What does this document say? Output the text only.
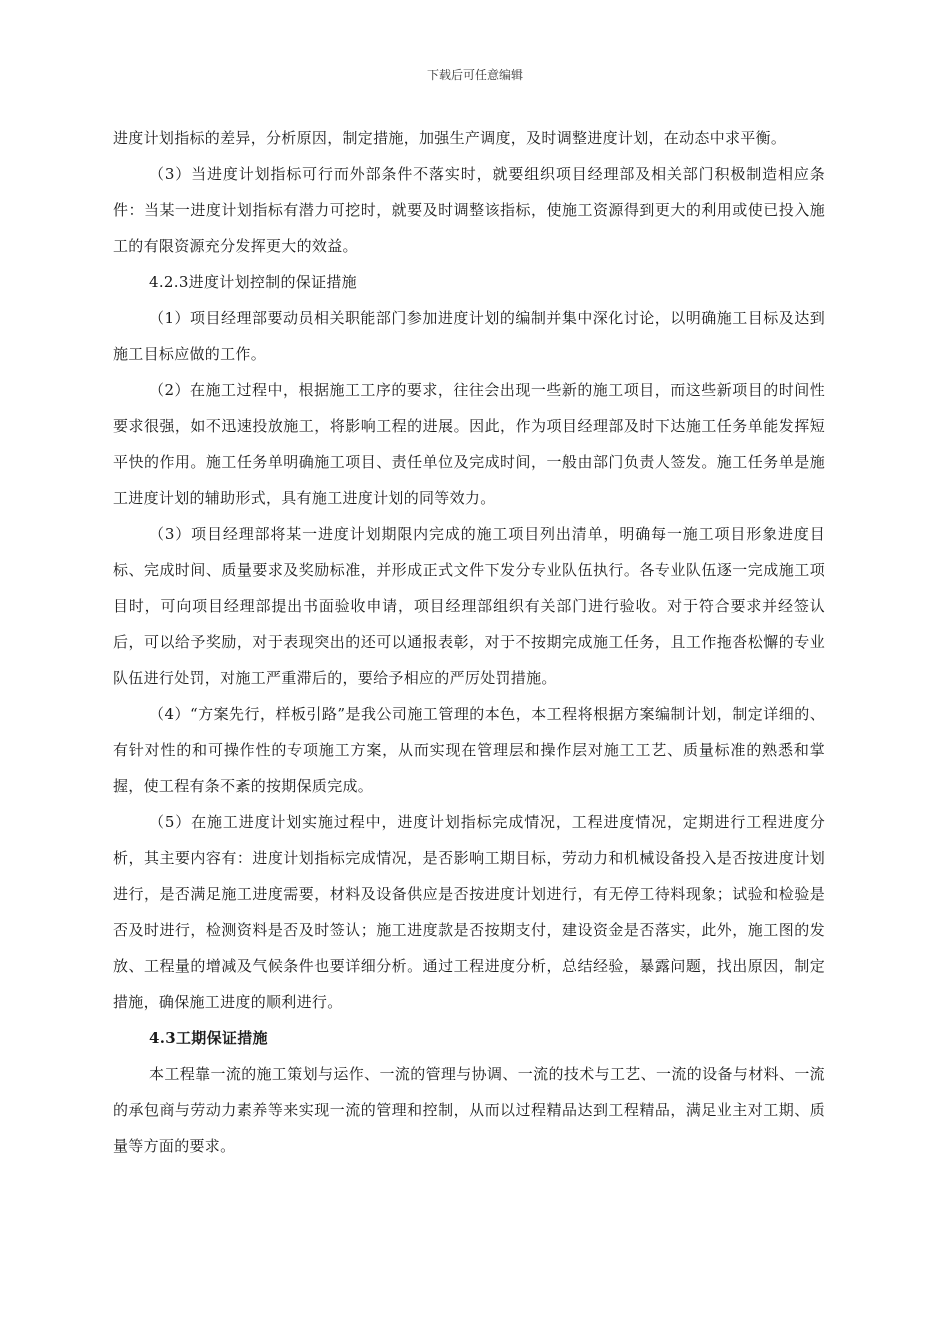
下载后可任意编辑

进度计划指标的差异，分析原因，制定措施，加强生产调度，及时调整进度计划，在动态中求平衡。

（3）当进度计划指标可行而外部条件不落实时，就要组织项目经理部及相关部门积极制造相应条件：当某一进度计划指标有潜力可挖时，就要及时调整该指标，使施工资源得到更大的利用或使已投入施工的有限资源充分发挥更大的效益。

4.2.3进度计划控制的保证措施

（1）项目经理部要动员相关职能部门参加进度计划的编制并集中深化讨论，以明确施工目标及达到施工目标应做的工作。

（2）在施工过程中，根据施工工序的要求，往往会出现一些新的施工项目，而这些新项目的时间性要求很强，如不迅速投放施工，将影响工程的进展。因此，作为项目经理部及时下达施工任务单能发挥短平快的作用。施工任务单明确施工项目、责任单位及完成时间，一般由部门负责人签发。施工任务单是施工进度计划的辅助形式，具有施工进度计划的同等效力。

（3）项目经理部将某一进度计划期限内完成的施工项目列出清单，明确每一施工项目形象进度目标、完成时间、质量要求及奖励标准，并形成正式文件下发分专业队伍执行。各专业队伍逐一完成施工项目时，可向项目经理部提出书面验收申请，项目经理部组织有关部门进行验收。对于符合要求并经签认后，可以给予奖励，对于表现突出的还可以通报表彰，对于不按期完成施工任务，且工作拖沓松懈的专业队伍进行处罚，对施工严重滞后的，要给予相应的严厉处罚措施。

（4）“方案先行，样板引路”是我公司施工管理的本色，本工程将根据方案编制计划，制定详细的、有针对性的和可操作性的专项施工方案，从而实现在管理层和操作层对施工工艺、质量标准的熟悉和掌握，使工程有条不紊的按期保质完成。

（5）在施工进度计划实施过程中，进度计划指标完成情况，工程进度情况，定期进行工程进度分析，其主要内容有：进度计划指标完成情况，是否影响工期目标，劳动力和机械设备投入是否按进度计划进行，是否满足施工进度需要，材料及设备供应是否按进度计划进行，有无停工待料现象；试验和检验是否及时进行，检测资料是否及时签认；施工进度款是否按期支付，建设资金是否落实，此外，施工图的发放、工程量的增减及气候条件也要详细分析。通过工程进度分析，总结经验，暴露问题，找出原因，制定措施，确保施工进度的顺利进行。

4.3工期保证措施

本工程靠一流的施工策划与运作、一流的管理与协调、一流的技术与工艺、一流的设备与材料、一流的承包商与劳动力素养等来实现一流的管理和控制，从而以过程精品达到工程精品，满足业主对工期、质量等方面的要求。
